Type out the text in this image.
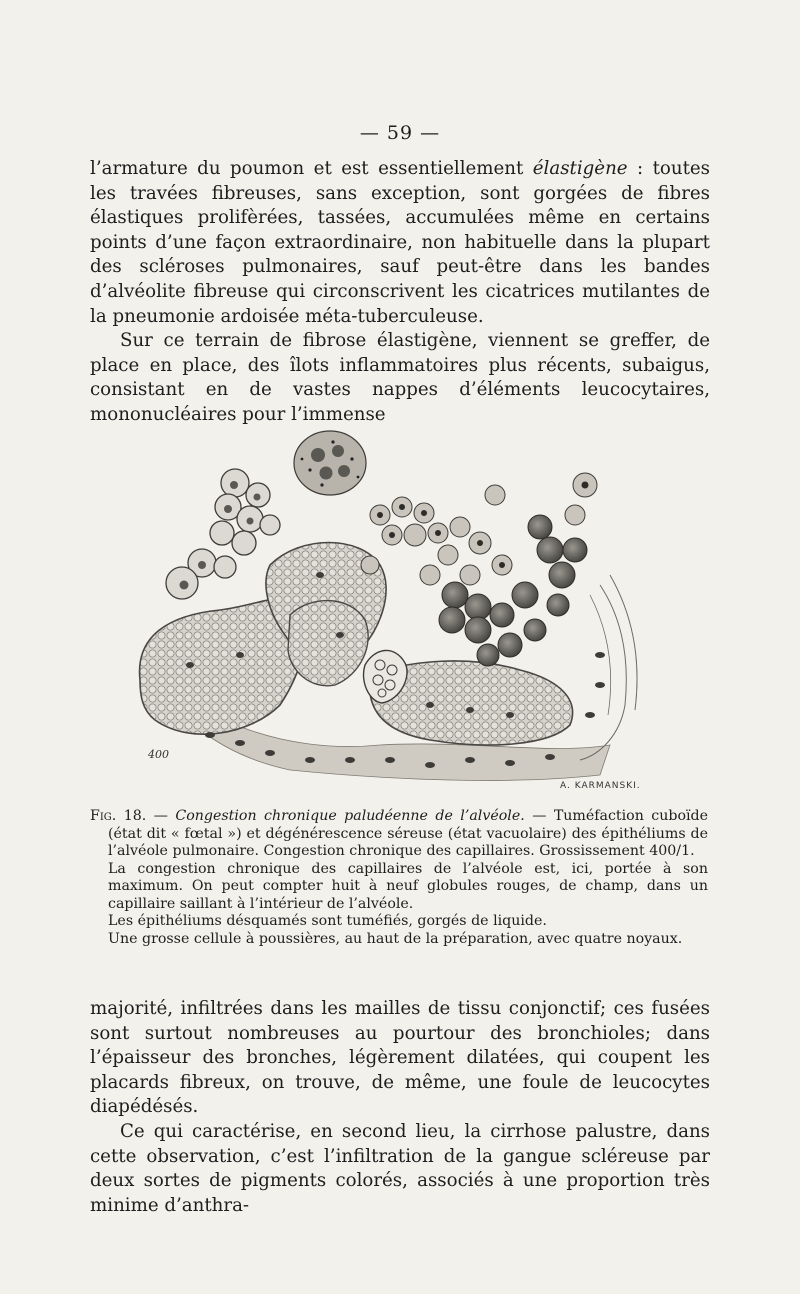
— 59 —

l’armature du poumon et est essentiellement élastigène : toutes les travées fibreuses, sans exception, sont gorgées de fibres élastiques prolifèrées, tassées, accumulées même en certains points d’une façon extraordinaire, non habituelle dans la plupart des scléroses pulmonaires, sauf peut-être dans les bandes d’alvéolite fibreuse qui circonscrivent les cicatrices mutilantes de la pneumonie ardoisée méta-tuberculeuse.

Sur ce terrain de fibrose élastigène, viennent se greffer, de place en place, des îlots inflammatoires plus récents, subaigus, consistant en de vastes nappes d’éléments leucocytaires, mononucléaires pour l’immense

400
A. KARMANSKI.

Fig. 18. — Congestion chronique paludéenne de l’alvéole. — Tuméfaction cuboïde (état dit « fœtal ») et dégénérescence séreuse (état vacuolaire) des épithéliums de l’alvéole pulmonaire. Congestion chronique des capillaires. Grossissement 400/1.

La congestion chronique des capillaires de l’alvéole est, ici, portée à son maximum. On peut compter huit à neuf globules rouges, de champ, dans un capillaire saillant à l’intérieur de l’alvéole.

Les épithéliums désquamés sont tuméfiés, gorgés de liquide.

Une grosse cellule à poussières, au haut de la préparation, avec quatre noyaux.

majorité, infiltrées dans les mailles de tissu conjonctif; ces fusées sont surtout nombreuses au pourtour des bronchioles; dans l’épaisseur des bronches, légèrement dilatées, qui coupent les placards fibreux, on trouve, de même, une foule de leucocytes diapédésés.

Ce qui caractérise, en second lieu, la cirrhose palustre, dans cette observation, c’est l’infiltration de la gangue scléreuse par deux sortes de pigments colorés, associés à une proportion très minime d’anthra-
